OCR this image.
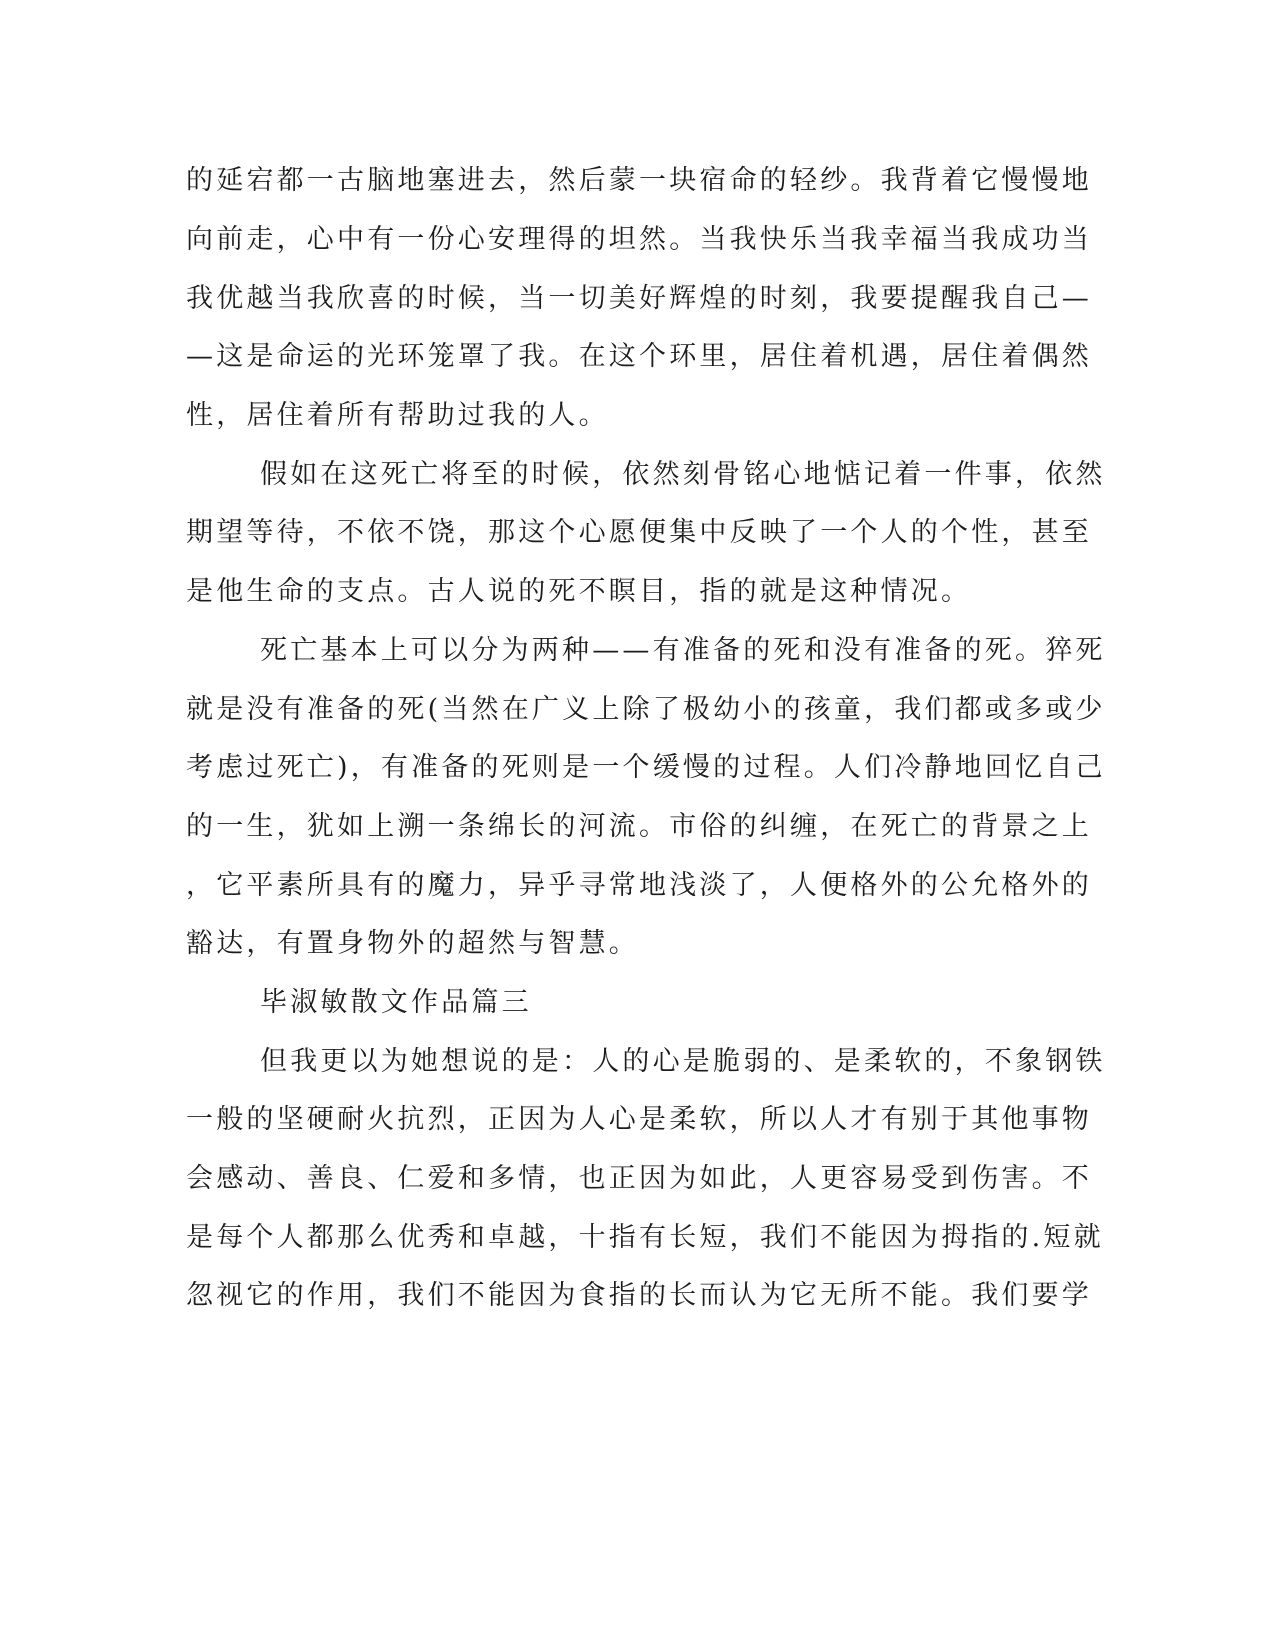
的延宕都一古脑地塞进去，然后蒙一块宿命的轻纱。我背着它慢慢地
向前走，心中有一份心安理得的坦然。当我快乐当我幸福当我成功当
我优越当我欣喜的时候，当一切美好辉煌的时刻，我要提醒我自己—
—这是命运的光环笼罩了我。在这个环里，居住着机遇，居住着偶然
性，居住着所有帮助过我的人。
假如在这死亡将至的时候，依然刻骨铭心地惦记着一件事，依然
期望等待，不依不饶，那这个心愿便集中反映了一个人的个性，甚至
是他生命的支点。古人说的死不瞑目，指的就是这种情况。
死亡基本上可以分为两种——有准备的死和没有准备的死。猝死
就是没有准备的死(当然在广义上除了极幼小的孩童，我们都或多或少
考虑过死亡)，有准备的死则是一个缓慢的过程。人们冷静地回忆自己
的一生，犹如上溯一条绵长的河流。市俗的纠缠，在死亡的背景之上
，它平素所具有的魔力，异乎寻常地浅淡了，人便格外的公允格外的
豁达，有置身物外的超然与智慧。
毕淑敏散文作品篇三
但我更以为她想说的是：人的心是脆弱的、是柔软的，不象钢铁
一般的坚硬耐火抗烈，正因为人心是柔软，所以人才有别于其他事物
会感动、善良、仁爱和多情，也正因为如此，人更容易受到伤害。不
是每个人都那么优秀和卓越，十指有长短，我们不能因为拇指的.短就
忽视它的作用，我们不能因为食指的长而认为它无所不能。我们要学
